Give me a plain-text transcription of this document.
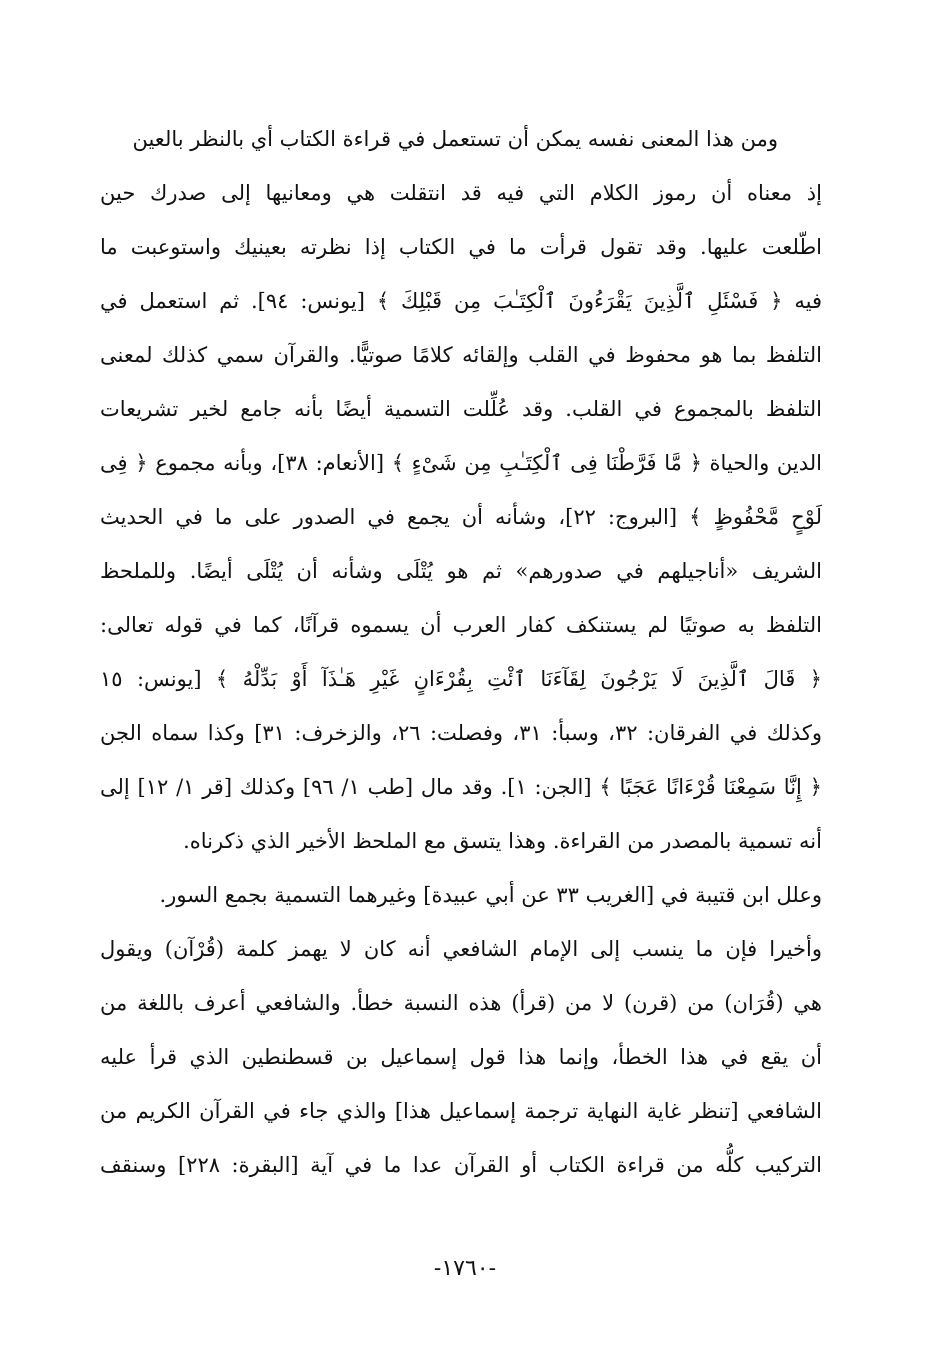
ومن هذا المعنى نفسه يمكن أن تستعمل في قراءة الكتاب أي بالنظر بالعين
إذ معناه أن رموز الكلام التي فيه قد انتقلت هي ومعانيها إلى صدرك حين
اطّلعت عليها. وقد تقول قرأت ما في الكتاب إذا نظرته بعينيك واستوعبت ما
فيه ﴿ فَسْئَلِ ٱلَّذِينَ يَقْرَءُونَ ٱلْكِتَـٰبَ مِن قَبْلِكَ ﴾ [يونس: ٩٤]. ثم استعمل في
التلفظ بما هو محفوظ في القلب وإلقائه كلامًا صوتيًّا. والقرآن سمي كذلك لمعنى
التلفظ بالمجموع في القلب. وقد عُلِّلت التسمية أيضًا بأنه جامع لخير تشريعات
الدين والحياة ﴿ مَّا فَرَّطْنَا فِى ٱلْكِتَـٰبِ مِن شَىْءٍ ﴾ [الأنعام: ٣٨]، وبأنه مجموع ﴿ فِى
لَوْحٍ مَّحْفُوظٍ ﴾ [البروج: ٢٢]، وشأنه أن يجمع في الصدور على ما في الحديث
الشريف «أناجيلهم في صدورهم» ثم هو يُتْلَى وشأنه أن يُتْلَى أيضًا. وللملحظ
التلفظ به صوتيًا لم يستنكف كفار العرب أن يسموه قرآنًا، كما في قوله تعالى:
﴿ قَالَ ٱلَّذِينَ لَا يَرْجُونَ لِقَآءَنَا ٱئْتِ بِقُرْءَانٍ غَيْرِ هَـٰذَآ أَوْ بَدِّلْهُ ﴾ [يونس: ١٥
وكذلك في الفرقان: ٣٢، وسبأ: ٣١، وفصلت: ٢٦، والزخرف: ٣١] وكذا سماه الجن
﴿ إِنَّا سَمِعْنَا قُرْءَانًا عَجَبًا ﴾ [الجن: ١]. وقد مال [طب ١/ ٩٦] وكذلك [قر ١/ ١٢] إلى
أنه تسمية بالمصدر من القراءة. وهذا يتسق مع الملحظ الأخير الذي ذكرناه.
وعلل ابن قتيبة في [الغريب ٣٣ عن أبي عبيدة] وغيرهما التسمية بجمع السور.
وأخيرا فإن ما ينسب إلى الإمام الشافعي أنه كان لا يهمز كلمة (قُرْآن) ويقول
هي (قُرَان) من (قرن) لا من (قرأ) هذه النسبة خطأ. والشافعي أعرف باللغة من
أن يقع في هذا الخطأ، وإنما هذا قول إسماعيل بن قسطنطين الذي قرأ عليه
الشافعي [تنظر غاية النهاية ترجمة إسماعيل هذا] والذي جاء في القرآن الكريم من
التركيب كلُّه من قراءة الكتاب أو القرآن عدا ما في آية [البقرة: ٢٢٨] وسنقف
-١٧٦٠-
